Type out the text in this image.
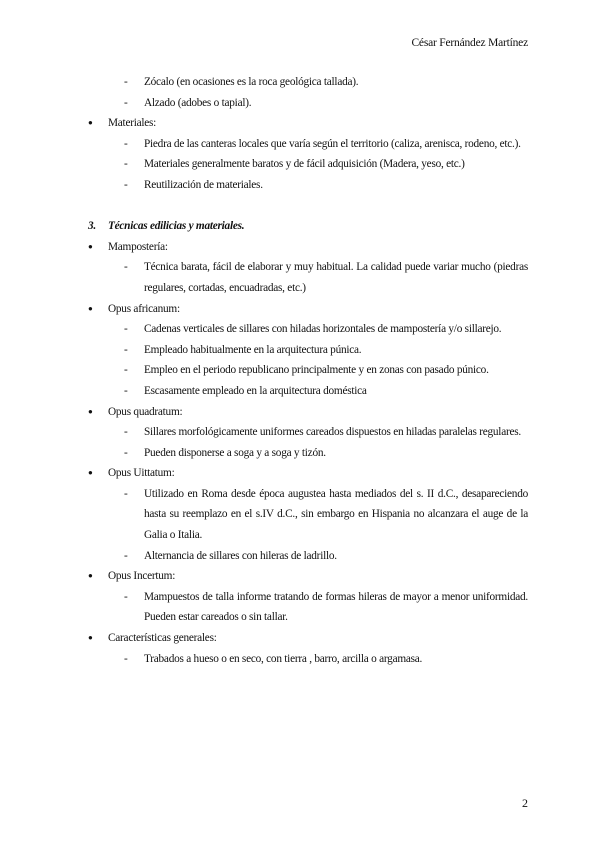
César Fernández Martínez
- Zócalo (en ocasiones es la roca geológica tallada).
- Alzado (adobes o tapial).
● Materiales:
- Piedra de las canteras locales que varía según el territorio (caliza, arenisca, rodeno, etc.).
- Materiales generalmente baratos y de fácil adquisición (Madera, yeso, etc.)
- Reutilización de materiales.
3. Técnicas edilicias y materiales.
● Mampostería:
- Técnica barata, fácil de elaborar y muy habitual. La calidad puede variar mucho (piedras regulares, cortadas, encuadradas, etc.)
● Opus africanum:
- Cadenas verticales de sillares con hiladas horizontales de mampostería y/o sillarejo.
- Empleado habitualmente en la arquitectura púnica.
- Empleo en el periodo republicano principalmente y en zonas con pasado púnico.
- Escasamente empleado en la arquitectura doméstica
● Opus quadratum:
- Sillares morfológicamente uniformes careados dispuestos en hiladas paralelas regulares.
- Pueden disponerse a soga y a soga y tizón.
● Opus Uittatum:
- Utilizado en Roma desde época augustea hasta mediados del s. II d.C., desapareciendo hasta su reemplazo en el s.IV d.C., sin embargo en Hispania no alcanzara el auge de la Galia o Italia.
- Alternancia de sillares con hileras de ladrillo.
● Opus Incertum:
- Mampuestos de talla informe tratando de formas hileras de mayor a menor uniformidad. Pueden estar careados o sin tallar.
● Características generales:
- Trabados a hueso o en seco, con tierra , barro, arcilla o argamasa.
2
